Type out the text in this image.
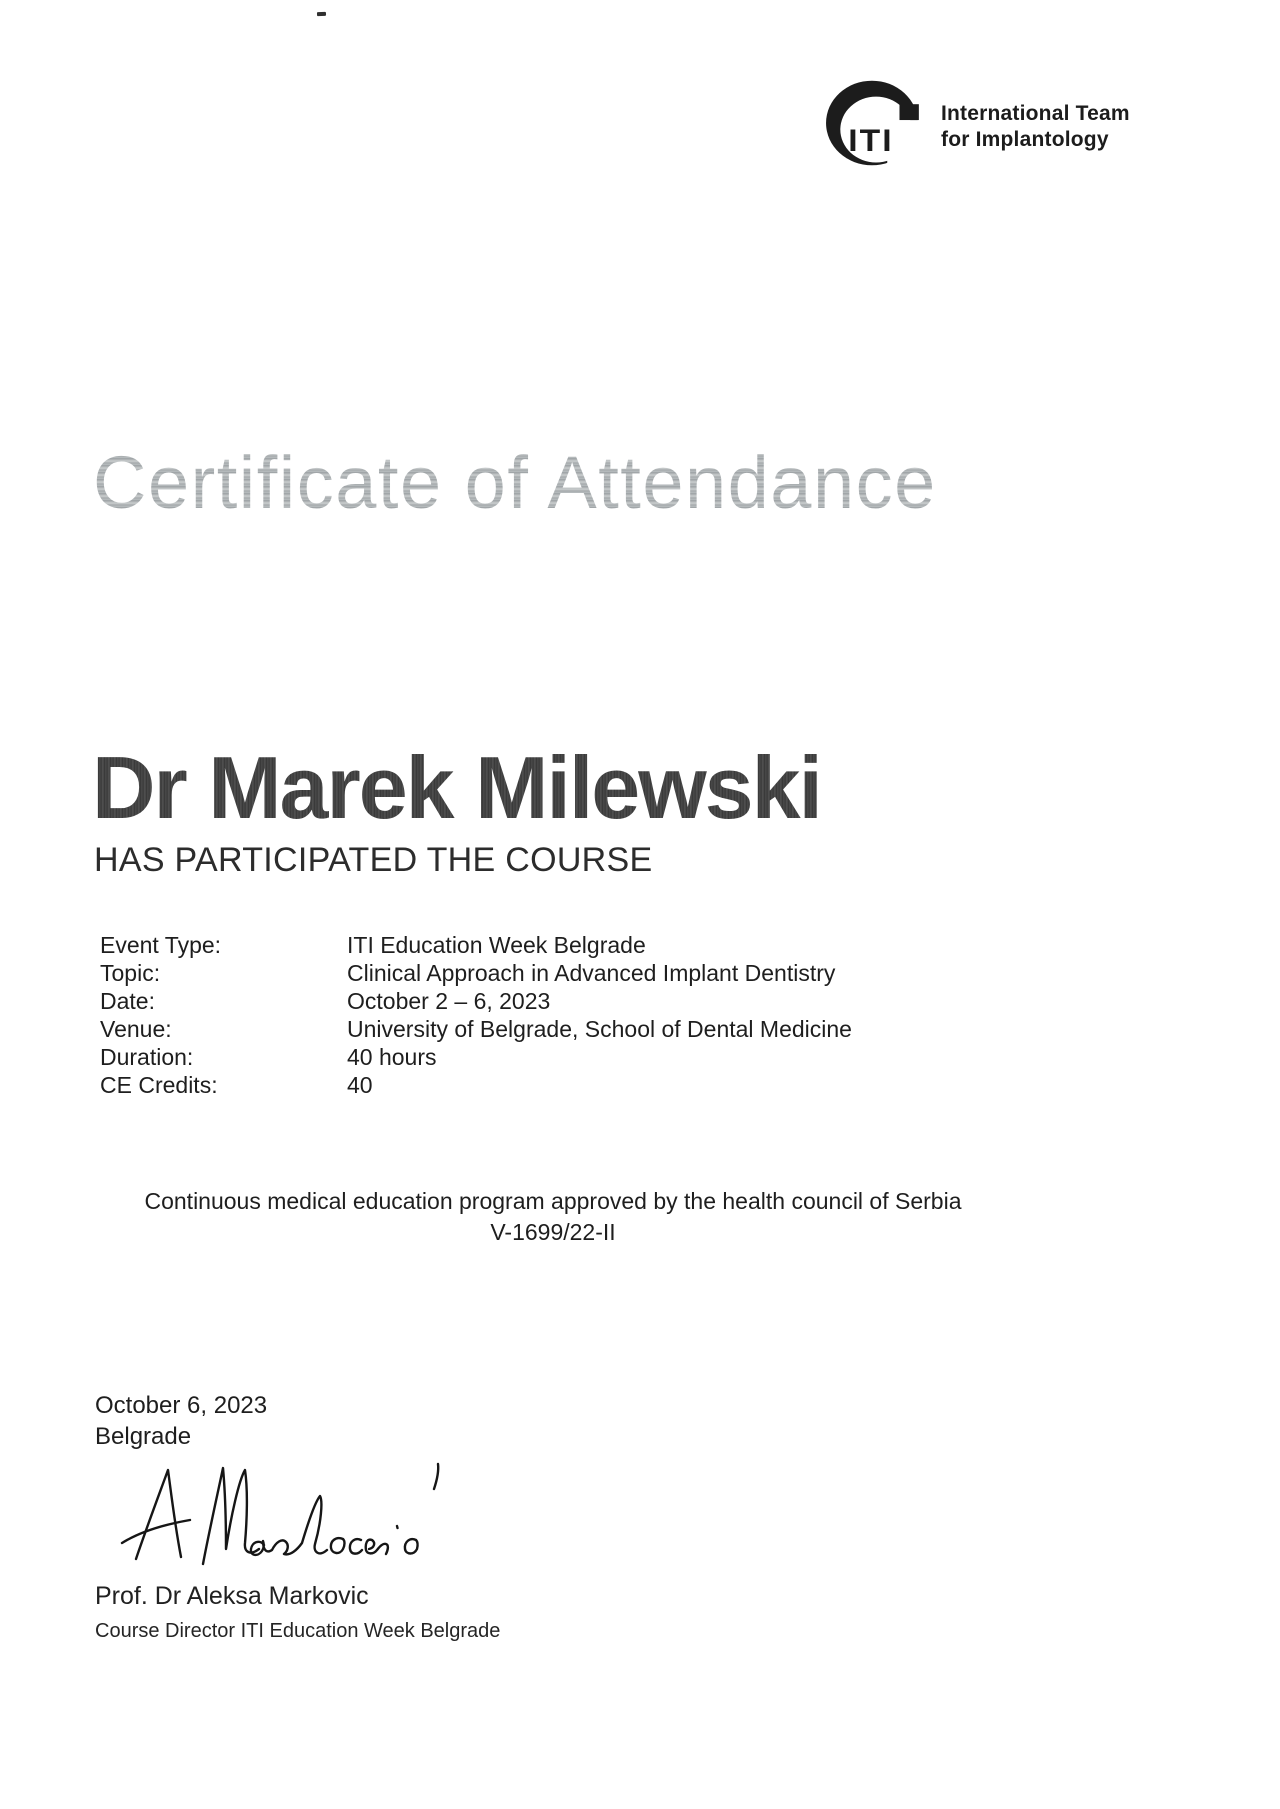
ITI
International Team
for Implantology
Certificate of Attendance
Dr Marek Milewski
HAS PARTICIPATED THE COURSE
Event Type:	ITI Education Week Belgrade
Topic:	Clinical Approach in Advanced Implant Dentistry
Date:	October 2 – 6, 2023
Venue:	University of Belgrade, School of Dental Medicine
Duration:	40 hours
CE Credits:	40
Continuous medical education program approved by the health council of Serbia
V-1699/22-II
October 6, 2023
Belgrade
Prof. Dr Aleksa Markovic
Course Director ITI Education Week Belgrade
